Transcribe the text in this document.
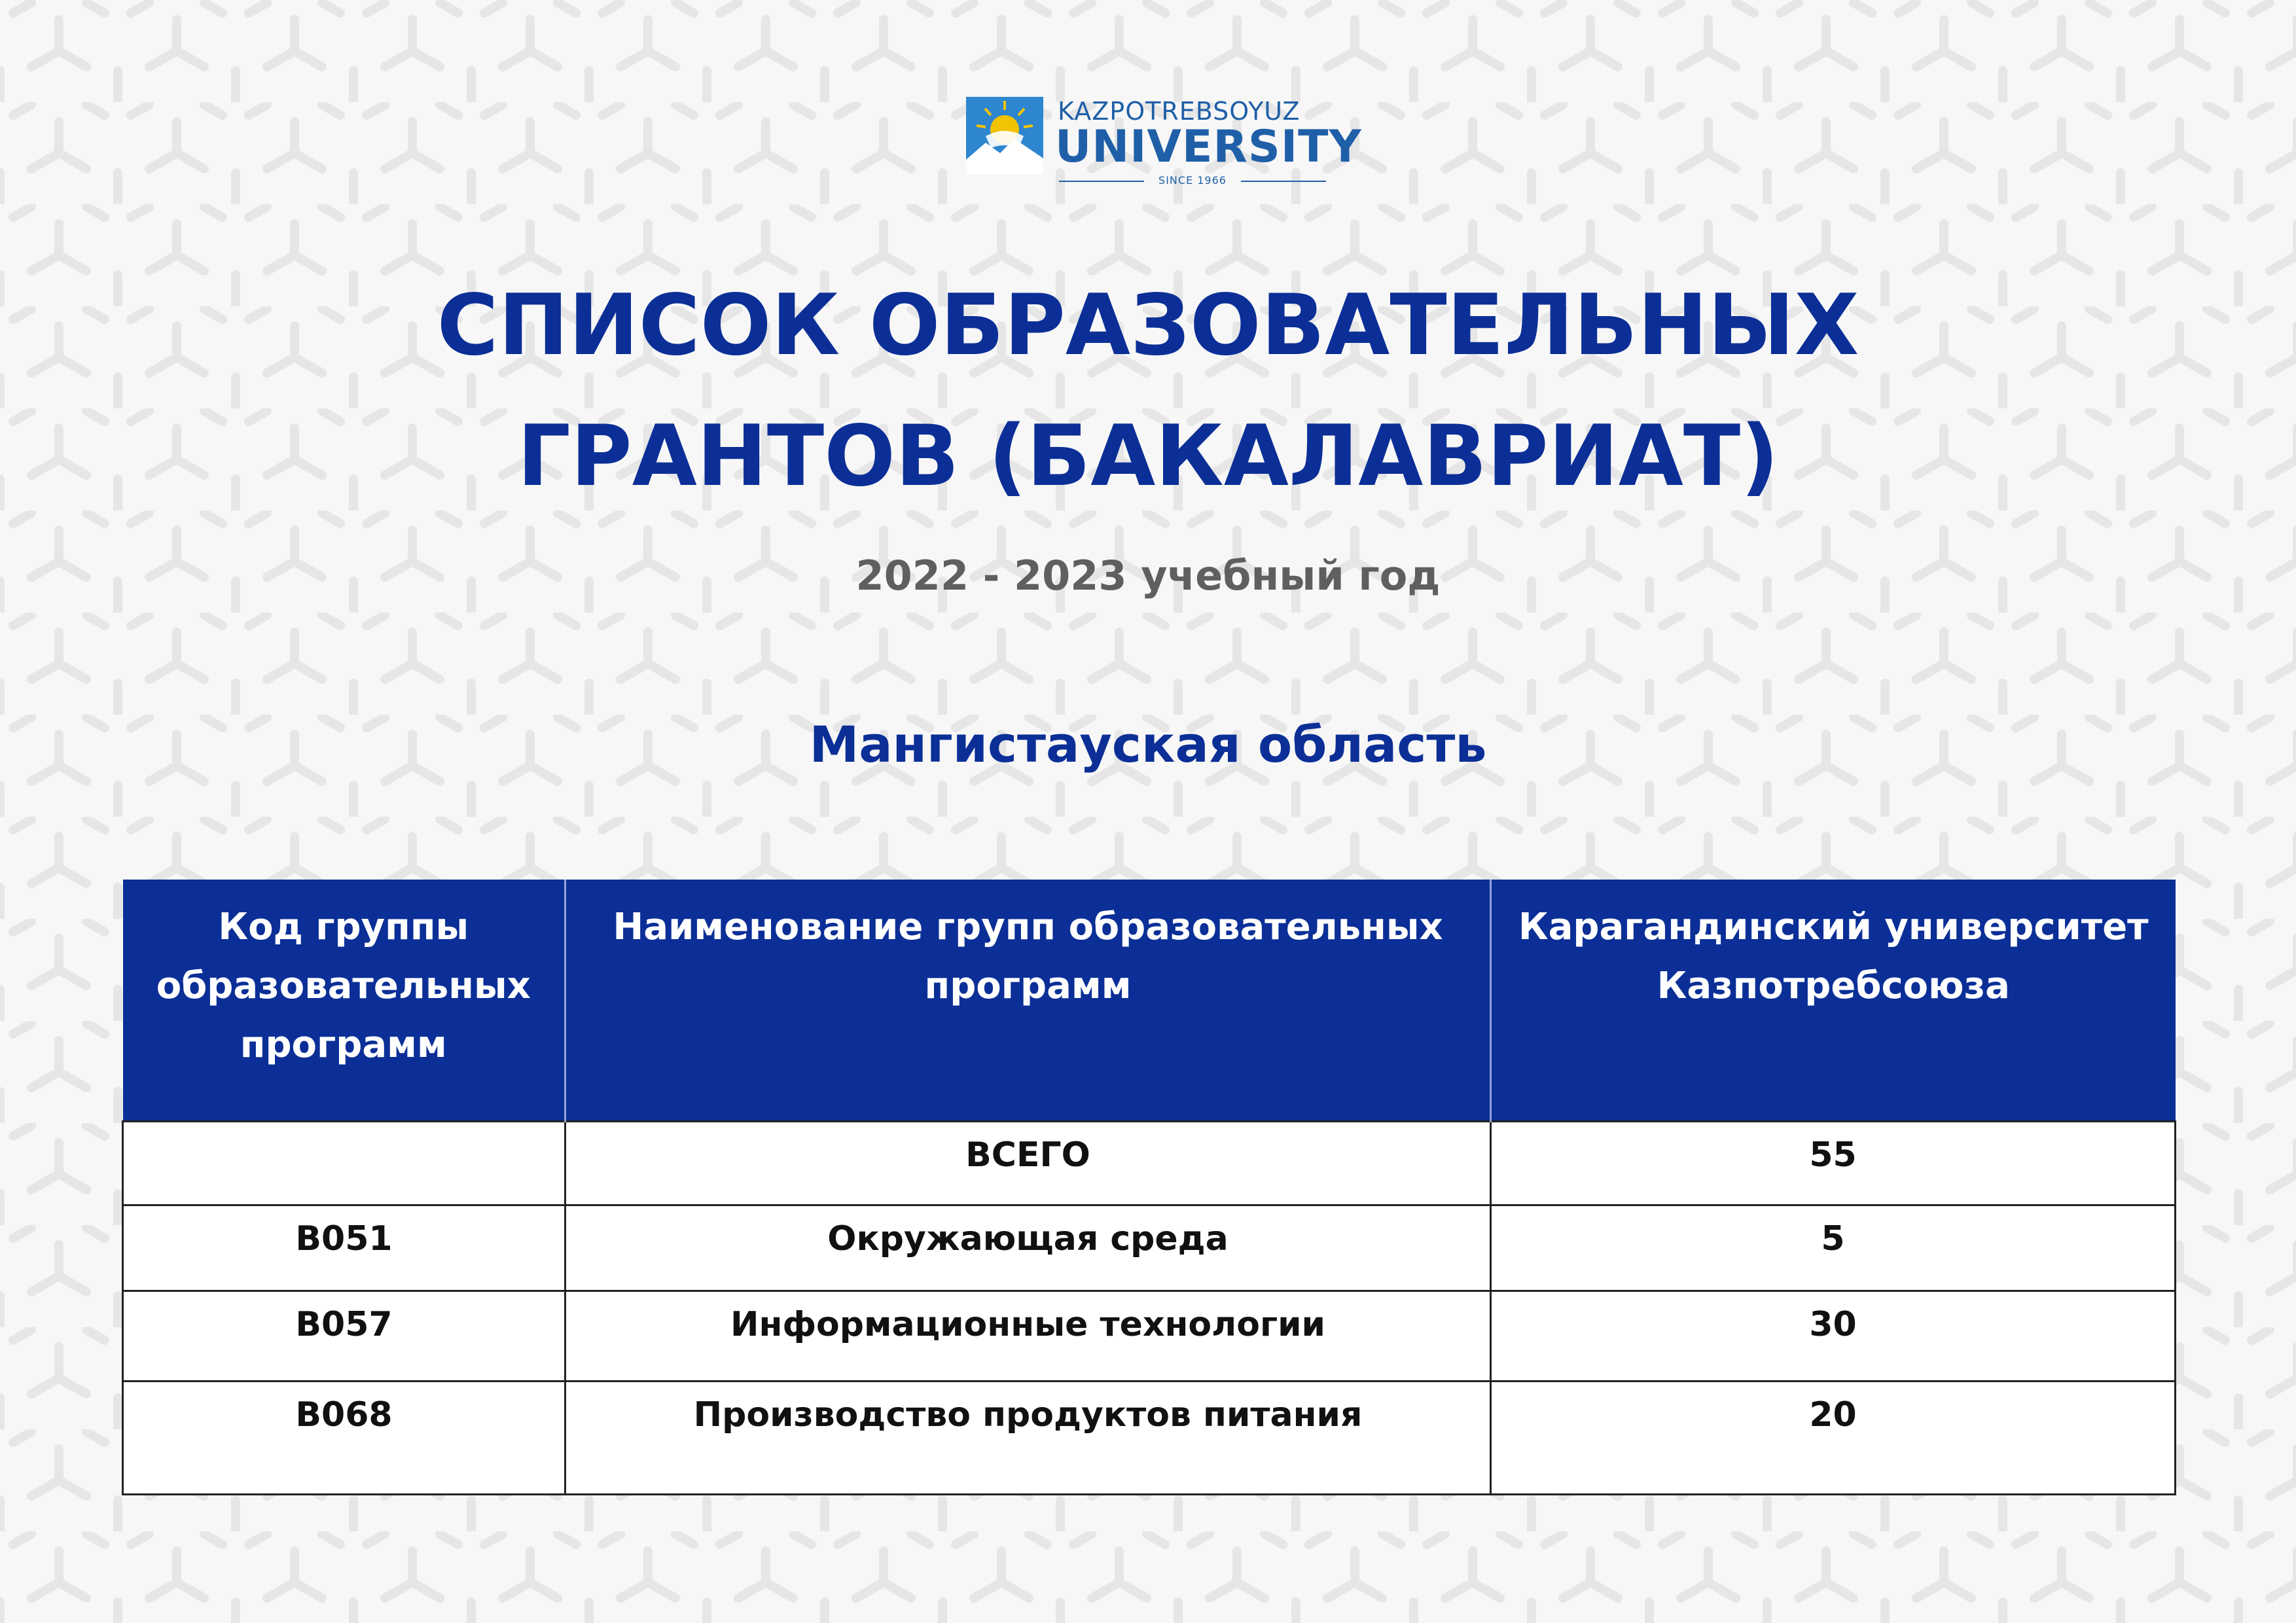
KAZPOTREBSOYUZ
UNIVERSITY
SINCE 1966
СПИСОК ОБРАЗОВАТЕЛЬНЫХ
ГРАНТОВ (БАКАЛАВРИАТ)
2022 - 2023 учебный год
Мангистауская область
Код группы образовательных программ	Наименование групп образовательных программ	Карагандинский университет Казпотребсоюза
	ВСЕГО	55
B051	Окружающая среда	5
B057	Информационные технологии	30
B068	Производство продуктов питания	20
